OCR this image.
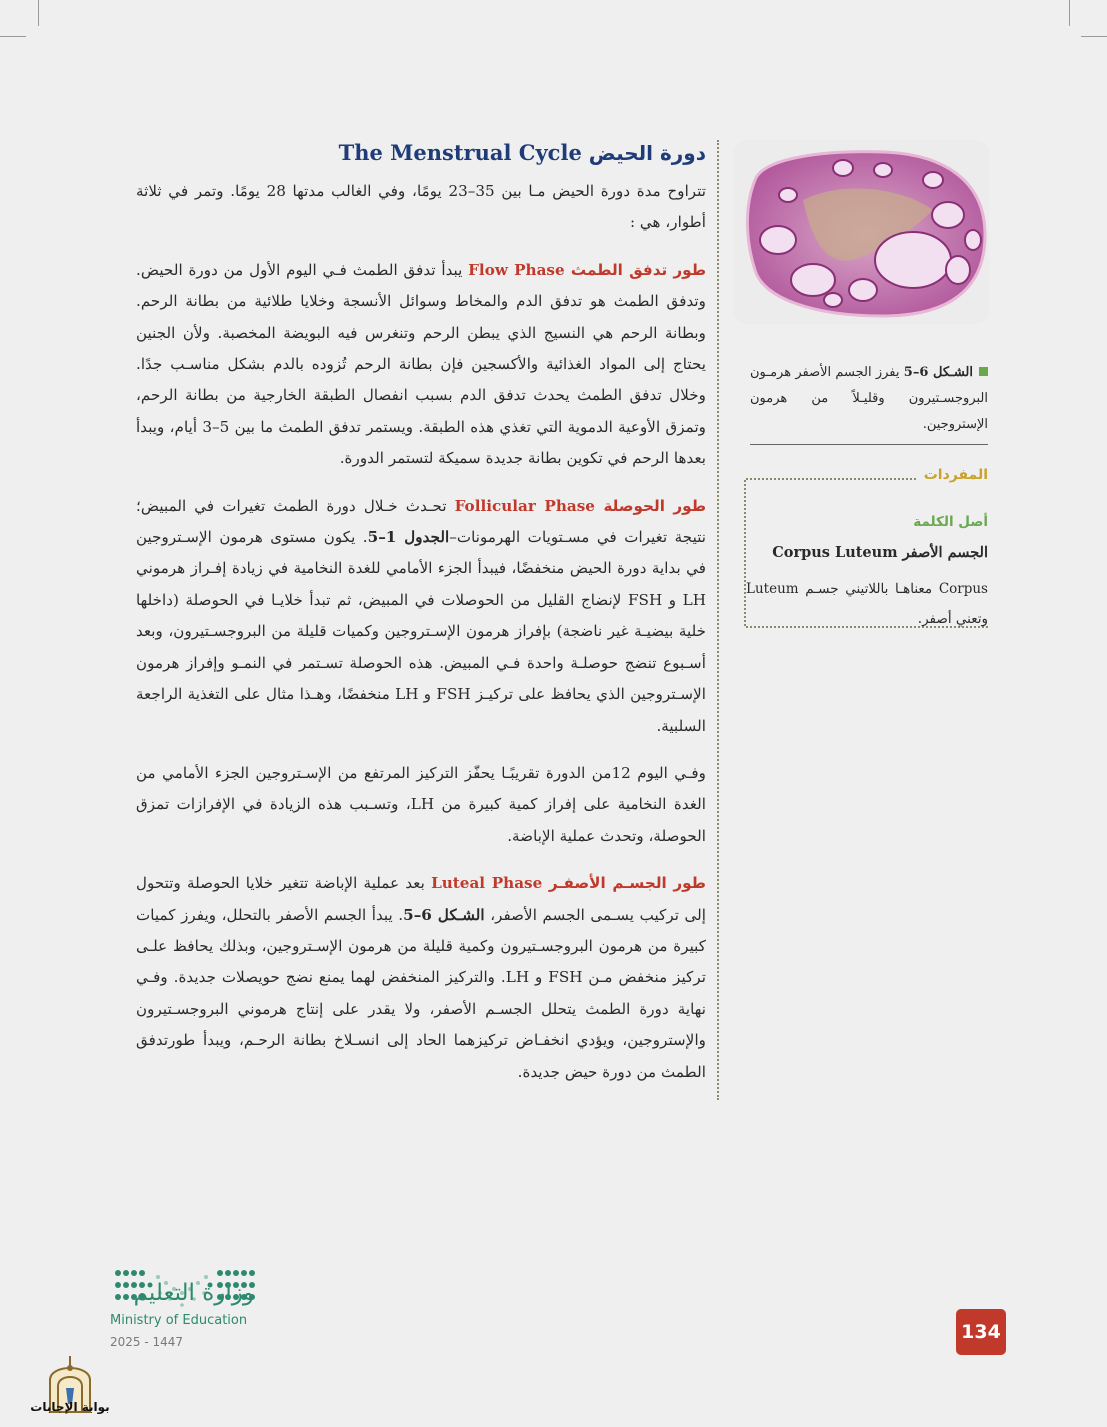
دورة الحيض The Menstrual Cycle

تتراوح مدة دورة الحيض مـا بين 35–23 يومًا، وفي الغالب مدتها 28 يومًا. وتمر في ثلاثة أطوار، هي :

طور تدفق الطمث Flow Phase يبدأ تدفق الطمث فـي اليوم الأول من دورة الحيض. وتدفق الطمث هو تدفق الدم والمخاط وسوائل الأنسجة وخلايا طلائية من بطانة الرحم. وبطانة الرحم هي النسيج الذي يبطن الرحم وتنغرس فيه البويضة المخصبة. ولأن الجنين يحتاج إلى المواد الغذائية والأكسجين فإن بطانة الرحم تُزوده بالدم بشكل مناسـب جدًا. وخلال تدفق الطمث يحدث تدفق الدم بسبب انفصال الطبقة الخارجية من بطانة الرحم، وتمزق الأوعية الدموية التي تغذي هذه الطبقة. ويستمر تدفق الطمث ما بين 5–3 أيام، ويبدأ بعدها الرحم في تكوين بطانة جديدة سميكة لتستمر الدورة.

طور الحوصلة Follicular Phase تحـدث خـلال دورة الطمث تغيرات في المبيض؛ نتيجة تغيرات في مسـتويات الهرمونات–الجدول 1–5. يكون مستوى هرمون الإسـتروجين في بداية دورة الحيض منخفضًا، فيبدأ الجزء الأمامي للغدة النخامية في زيادة إفـراز هرموني LH و FSH لإنضاج القليل من الحوصلات في المبيض، ثم تبدأ خلايـا في الحوصلة (داخلها خلية بيضيـة غير ناضجة) بإفراز هرمون الإسـتروجين وكميات قليلة من البروجسـتيرون، وبعد أسـبوع تنضج حوصلـة واحدة فـي المبيض. هذه الحوصلة تسـتمر في النمـو وإفراز هرمون الإسـتروجين الذي يحافظ على تركيـز FSH و LH منخفضًا، وهـذا مثال على التغذية الراجعة السلبية.

وفـي اليوم 12من الدورة تقريبًـا يحفّز التركيز المرتفع من الإسـتروجين الجزء الأمامي من الغدة النخامية على إفراز كمية كبيرة من LH، وتسـبب هذه الزيادة في الإفرازات تمزق الحوصلة، وتحدث عملية الإباضة.

طور الجسـم الأصفـر Luteal Phase بعد عملية الإباضة تتغير خلايا الحوصلة وتتحول إلى تركيب يسـمى الجسم الأصفر، الشـكل 6–5. يبدأ الجسم الأصفر بالتحلل، ويفرز كميات كبيرة من هرمون البروجسـتيرون وكمية قليلة من هرمون الإسـتروجين، وبذلك يحافظ علـى تركيز منخفض مـن FSH و LH. والتركيز المنخفض لهما يمنع نضج حويصلات جديدة. وفـي نهاية دورة الطمث يتحلل الجسـم الأصفر، ولا يقدر على إنتاج هرموني البروجسـتيرون والإستروجين، ويؤدي انخفـاض تركيزهما الحاد إلى انسـلاخ بطانة الرحـم، ويبدأ طورتدفق الطمث من دورة حيض جديدة.

الشـكل 6–5 يفرز الجسم الأصفر هرمـون البروجسـتيرون وقليـلاً من هرمون الإستروجين.
المفردات
أصل الكلمة
الجسم الأصفر Corpus Luteum
Corpus معناهـا باللاتيني جسـم Luteum وتعني أصفر.
وزارة التعليم
Ministry of Education
2025 - 1447	134
بوابة الإجابات
